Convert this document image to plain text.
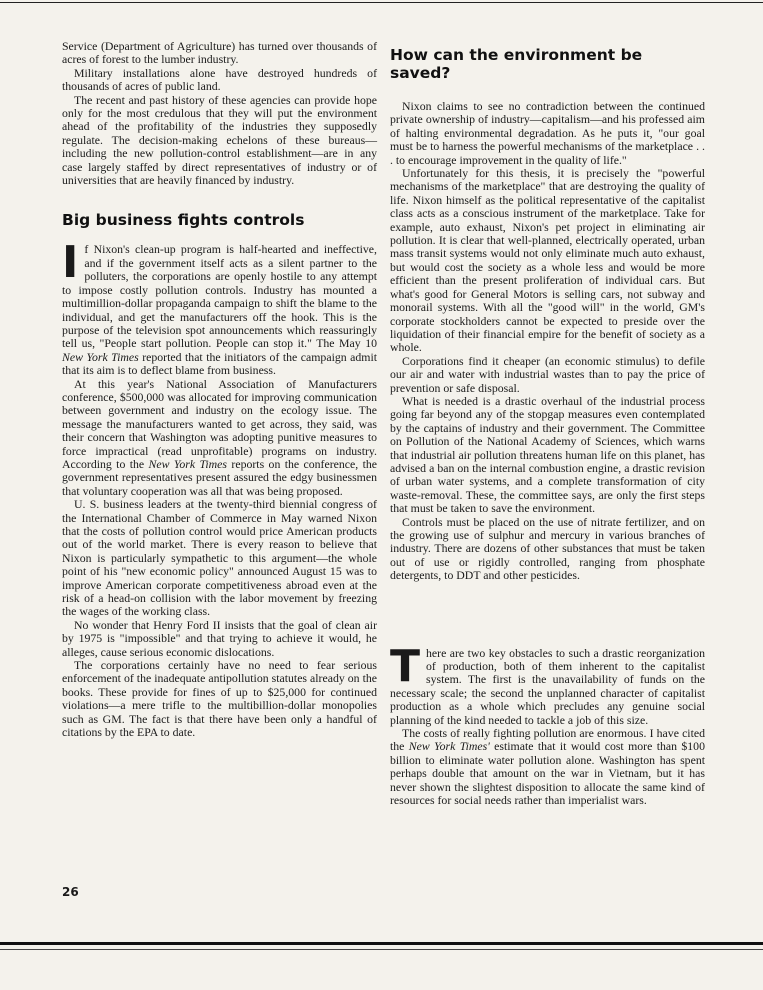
Service (Department of Agriculture) has turned over thousands of acres of forest to the lumber industry.

Military installations alone have destroyed hundreds of thousands of acres of public land.

The recent and past history of these agencies can provide hope only for the most credulous that they will put the environment ahead of the profitability of the industries they supposedly regulate. The decision-making echelons of these bureaus—including the new pollution-control establishment—are in any case largely staffed by direct representatives of industry or of universities that are heavily financed by industry.

Big business fights controls

If Nixon's clean-up program is half-hearted and ineffective, and if the government itself acts as a silent partner to the polluters, the corporations are openly hostile to any attempt to impose costly pollution controls. Industry has mounted a multimillion-dollar propaganda campaign to shift the blame to the individual, and get the manufacturers off the hook. This is the purpose of the television spot announcements which reassuringly tell us, "People start pollution. People can stop it." The May 10 New York Times reported that the initiators of the campaign admit that its aim is to deflect blame from business.

At this year's National Association of Manufacturers conference, $500,000 was allocated for improving communication between government and industry on the ecology issue. The message the manufacturers wanted to get across, they said, was their concern that Washington was adopting punitive measures to force impractical (read unprofitable) programs on industry. According to the New York Times reports on the conference, the government representatives present assured the edgy businessmen that voluntary cooperation was all that was being proposed.

U. S. business leaders at the twenty-third biennial congress of the International Chamber of Commerce in May warned Nixon that the costs of pollution control would price American products out of the world market. There is every reason to believe that Nixon is particularly sympathetic to this argument—the whole point of his "new economic policy" announced August 15 was to improve American corporate competitiveness abroad even at the risk of a head-on collision with the labor movement by freezing the wages of the working class.

No wonder that Henry Ford II insists that the goal of clean air by 1975 is "impossible" and that trying to achieve it would, he alleges, cause serious economic dislocations.

The corporations certainly have no need to fear serious enforcement of the inadequate antipollution statutes already on the books. These provide for fines of up to $25,000 for continued violations—a mere trifle to the multibillion-dollar monopolies such as GM. The fact is that there have been only a handful of citations by the EPA to date.

How can the environment be saved?

Nixon claims to see no contradiction between the continued private ownership of industry—capitalism—and his professed aim of halting environmental degradation. As he puts it, "our goal must be to harness the powerful mechanisms of the marketplace . . . to encourage improvement in the quality of life."

Unfortunately for this thesis, it is precisely the "powerful mechanisms of the marketplace" that are destroying the quality of life. Nixon himself as the political representative of the capitalist class acts as a conscious instrument of the marketplace. Take for example, auto exhaust, Nixon's pet project in eliminating air pollution. It is clear that well-planned, electrically operated, urban mass transit systems would not only eliminate much auto exhaust, but would cost the society as a whole less and would be more efficient than the present proliferation of individual cars. But what's good for General Motors is selling cars, not subway and monorail systems. With all the "good will" in the world, GM's corporate stockholders cannot be expected to preside over the liquidation of their financial empire for the benefit of society as a whole.

Corporations find it cheaper (an economic stimulus) to defile our air and water with industrial wastes than to pay the price of prevention or safe disposal.

What is needed is a drastic overhaul of the industrial process going far beyond any of the stopgap measures even contemplated by the captains of industry and their government. The Committee on Pollution of the National Academy of Sciences, which warns that industrial air pollution threatens human life on this planet, has advised a ban on the internal combustion engine, a drastic revision of urban water systems, and a complete transformation of city waste-removal. These, the committee says, are only the first steps that must be taken to save the environment.

Controls must be placed on the use of nitrate fertilizer, and on the growing use of sulphur and mercury in various branches of industry. There are dozens of other substances that must be taken out of use or rigidly controlled, ranging from phosphate detergents, to DDT and other pesticides.

There are two key obstacles to such a drastic reorganization of production, both of them inherent to the capitalist system. The first is the unavailability of funds on the necessary scale; the second the unplanned character of capitalist production as a whole which precludes any genuine social planning of the kind needed to tackle a job of this size.

The costs of really fighting pollution are enormous. I have cited the New York Times' estimate that it would cost more than $100 billion to eliminate water pollution alone. Washington has spent perhaps double that amount on the war in Vietnam, but it has never shown the slightest disposition to allocate the same kind of resources for social needs rather than imperialist wars.

26
